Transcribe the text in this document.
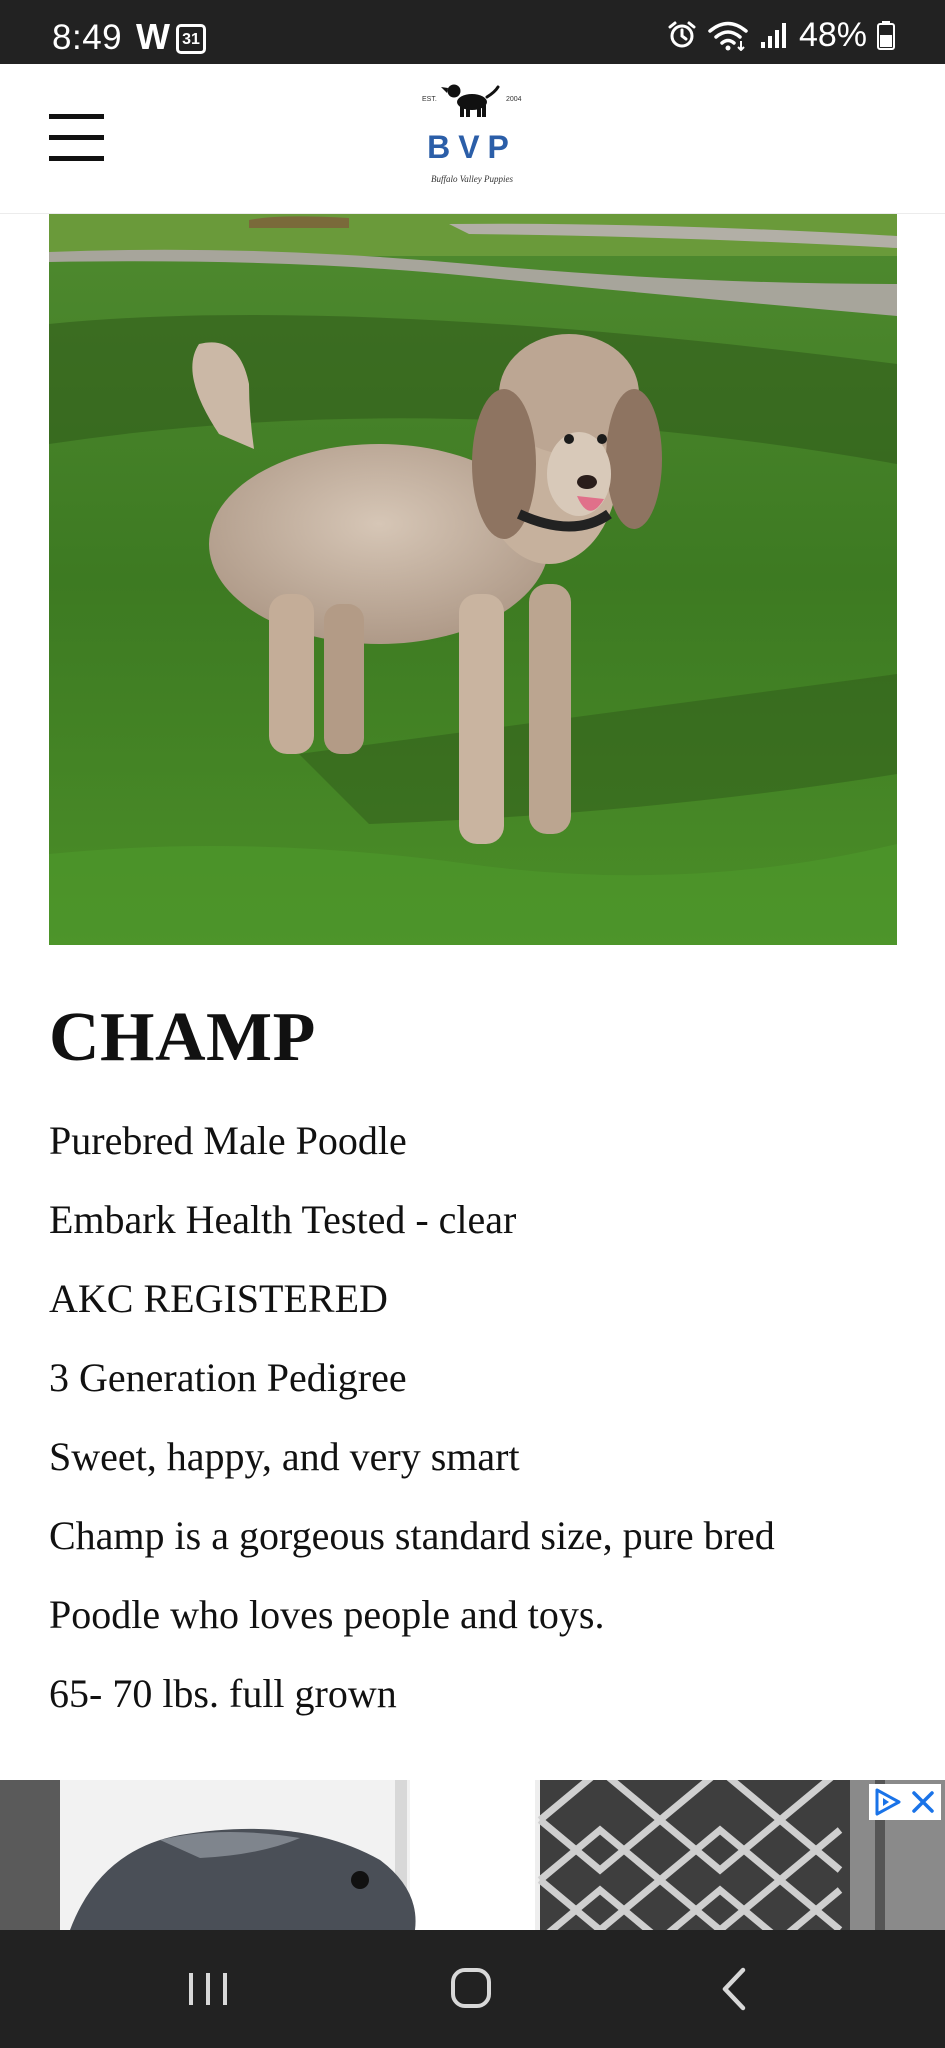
8:49 W 31	48%
EST.	2004
BVP
Buffalo Valley Puppies
CHAMP
Purebred Male Poodle
Embark Health Tested - clear
AKC REGISTERED
3 Generation Pedigree
Sweet, happy, and very smart
Champ is a gorgeous standard size, pure bred
Poodle who loves people and toys.
65- 70 lbs. full grown
